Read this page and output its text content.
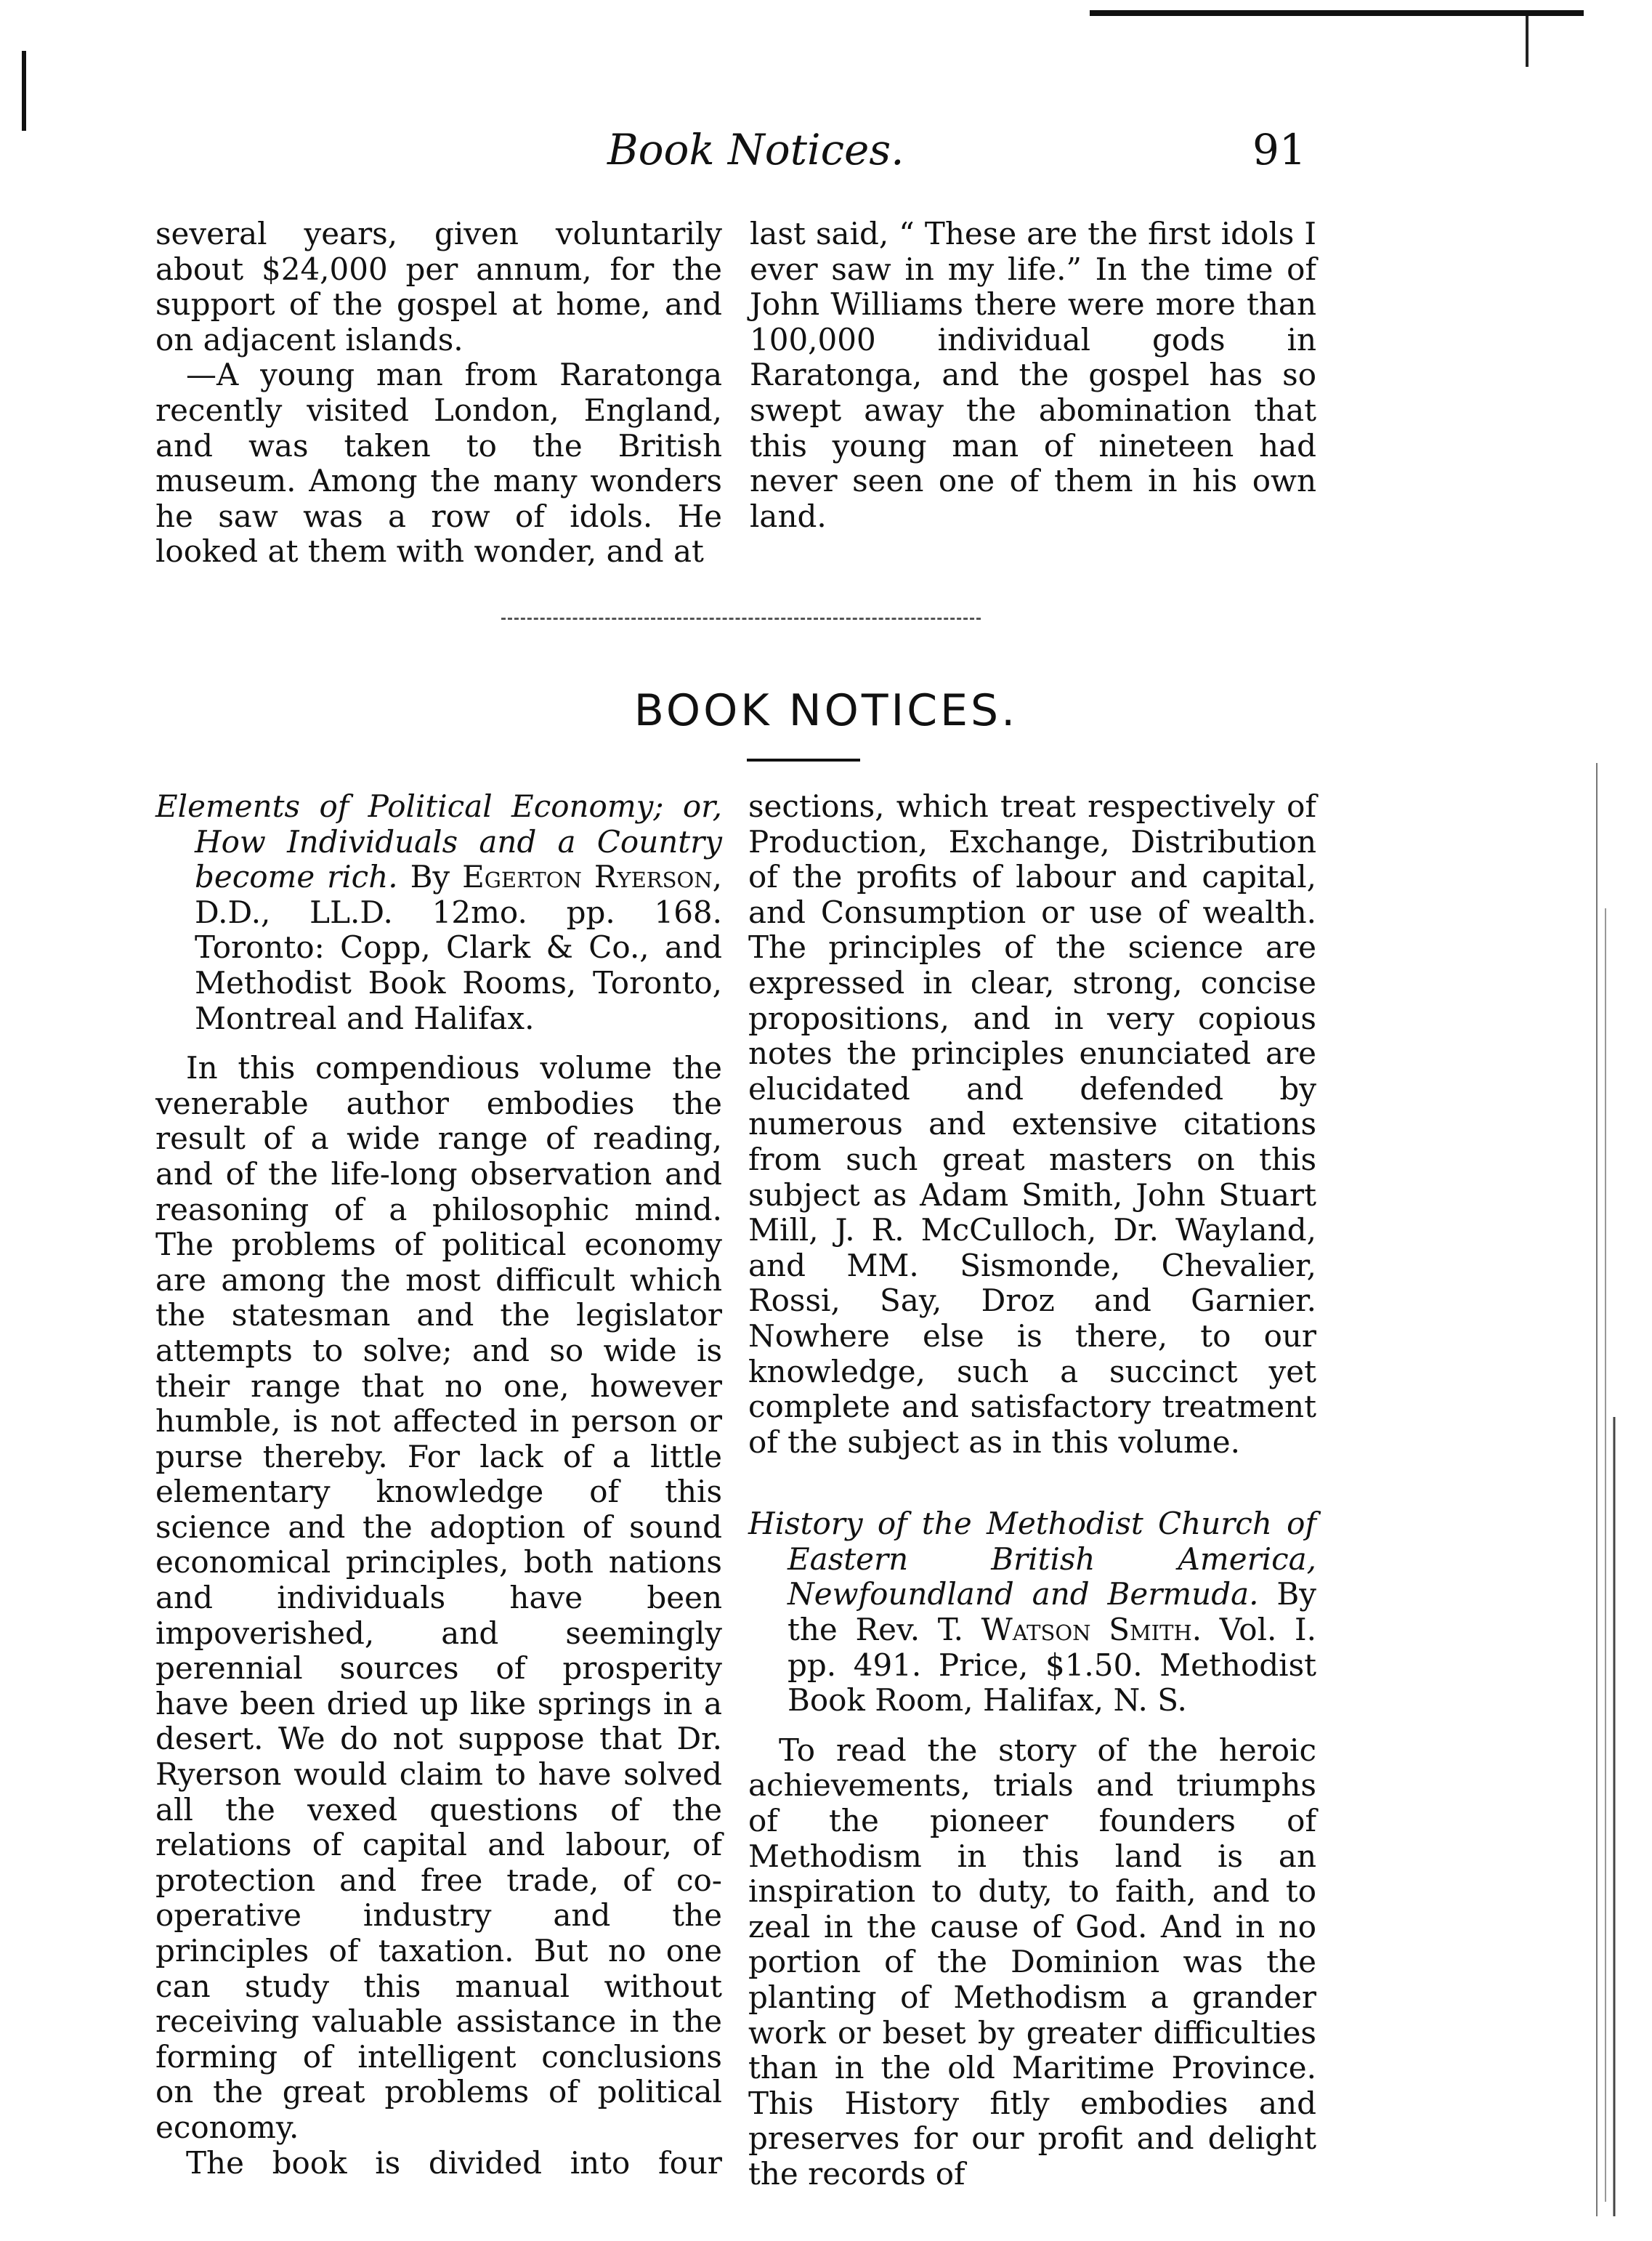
Book Notices.	91

several years, given voluntarily about $24,000 per annum, for the support of the gospel at home, and on adjacent islands.

—A young man from Raratonga recently visited London, England, and was taken to the British museum. Among the many wonders he saw was a row of idols. He looked at them with wonder, and at

last said, “ These are the first idols I ever saw in my life.” In the time of John Williams there were more than 100,000 individual gods in Raratonga, and the gospel has so swept away the abomination that this young man of nineteen had never seen one of them in his own land.

BOOK NOTICES.

Elements of Political Economy; or, How Individuals and a Country become rich. By Egerton Ryerson, D.D., LL.D. 12mo. pp. 168. Toronto: Copp, Clark & Co., and Methodist Book Rooms, Toronto, Montreal and Halifax.

In this compendious volume the venerable author embodies the result of a wide range of reading, and of the life-long observation and reasoning of a philosophic mind. The problems of political economy are among the most difficult which the statesman and the legislator attempts to solve; and so wide is their range that no one, however humble, is not affected in person or purse thereby. For lack of a little elementary knowledge of this science and the adoption of sound economical principles, both nations and individuals have been impoverished, and seemingly perennial sources of prosperity have been dried up like springs in a desert. We do not suppose that Dr. Ryerson would claim to have solved all the vexed questions of the relations of capital and labour, of protection and free trade, of co-operative industry and the principles of taxation. But no one can study this manual without receiving valuable assistance in the forming of intelligent conclusions on the great problems of political economy.

The book is divided into four

sections, which treat respectively of Production, Exchange, Distribution of the profits of labour and capital, and Consumption or use of wealth. The principles of the science are expressed in clear, strong, concise propositions, and in very copious notes the principles enunciated are elucidated and defended by numerous and extensive citations from such great masters on this subject as Adam Smith, John Stuart Mill, J. R. McCulloch, Dr. Wayland, and MM. Sismonde, Chevalier, Rossi, Say, Droz and Garnier. Nowhere else is there, to our knowledge, such a succinct yet complete and satisfactory treatment of the subject as in this volume.

History of the Methodist Church of Eastern British America, Newfoundland and Bermuda. By the Rev. T. Watson Smith. Vol. I. pp. 491. Price, $1.50. Methodist Book Room, Halifax, N. S.

To read the story of the heroic achievements, trials and triumphs of the pioneer founders of Methodism in this land is an inspiration to duty, to faith, and to zeal in the cause of God. And in no portion of the Dominion was the planting of Methodism a grander work or beset by greater difficulties than in the old Maritime Province. This History fitly embodies and preserves for our profit and delight the records of
